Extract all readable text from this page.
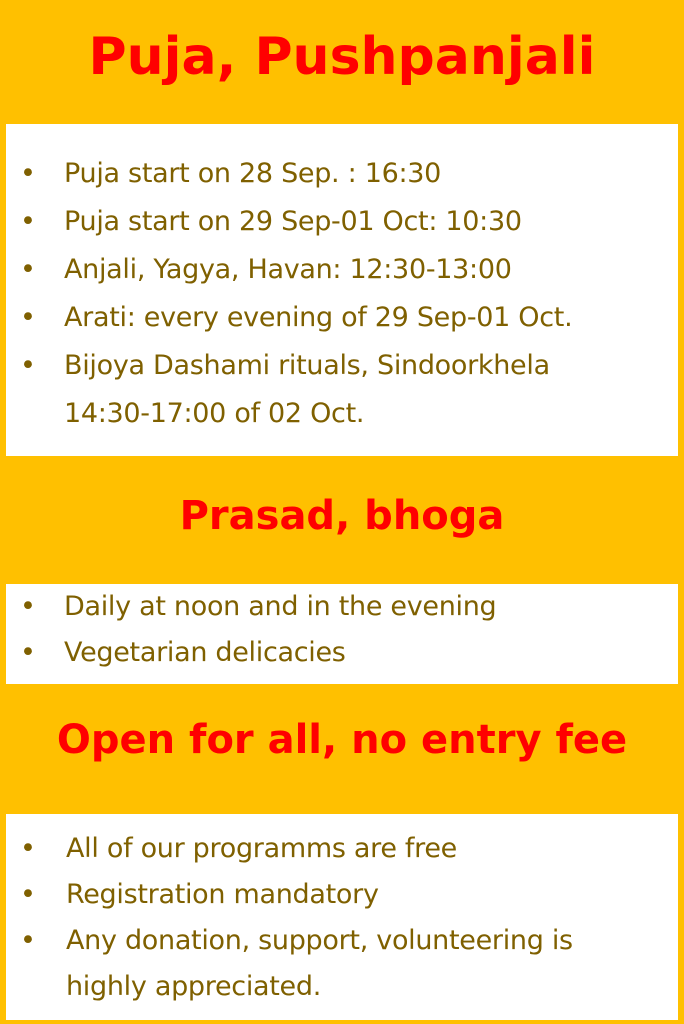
Puja, Pushpanjali
• Puja start on 28 Sep. : 16:30
• Puja start on 29 Sep-01 Oct: 10:30
• Anjali, Yagya, Havan: 12:30-13:00
• Arati: every evening of 29 Sep-01 Oct.
• Bijoya Dashami rituals, Sindoorkhela
14:30-17:00 of 02 Oct.
Prasad, bhoga
• Daily at noon and in the evening
• Vegetarian delicacies
Open for all, no entry fee
• All of our programms are free
• Registration mandatory
• Any donation, support, volunteering is
highly appreciated.
